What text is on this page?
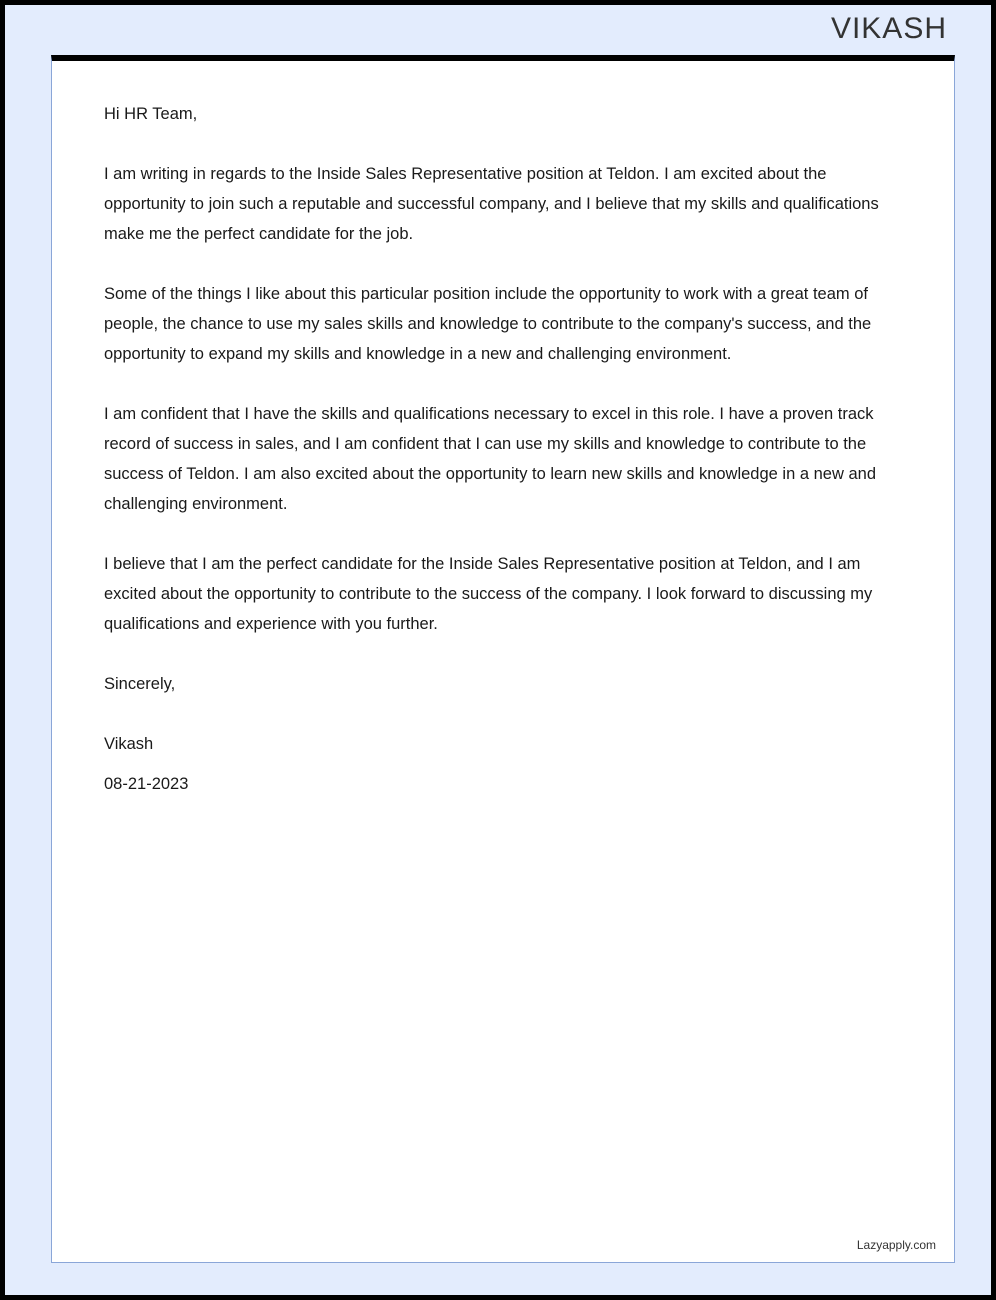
VIKASH

Hi HR Team,

I am writing in regards to the Inside Sales Representative position at Teldon. I am excited about the opportunity to join such a reputable and successful company, and I believe that my skills and qualifications make me the perfect candidate for the job.

Some of the things I like about this particular position include the opportunity to work with a great team of people, the chance to use my sales skills and knowledge to contribute to the company's success, and the opportunity to expand my skills and knowledge in a new and challenging environment.

I am confident that I have the skills and qualifications necessary to excel in this role. I have a proven track record of success in sales, and I am confident that I can use my skills and knowledge to contribute to the success of Teldon. I am also excited about the opportunity to learn new skills and knowledge in a new and challenging environment.

I believe that I am the perfect candidate for the Inside Sales Representative position at Teldon, and I am excited about the opportunity to contribute to the success of the company. I look forward to discussing my qualifications and experience with you further.

Sincerely,

Vikash

08-21-2023

Lazyapply.com
